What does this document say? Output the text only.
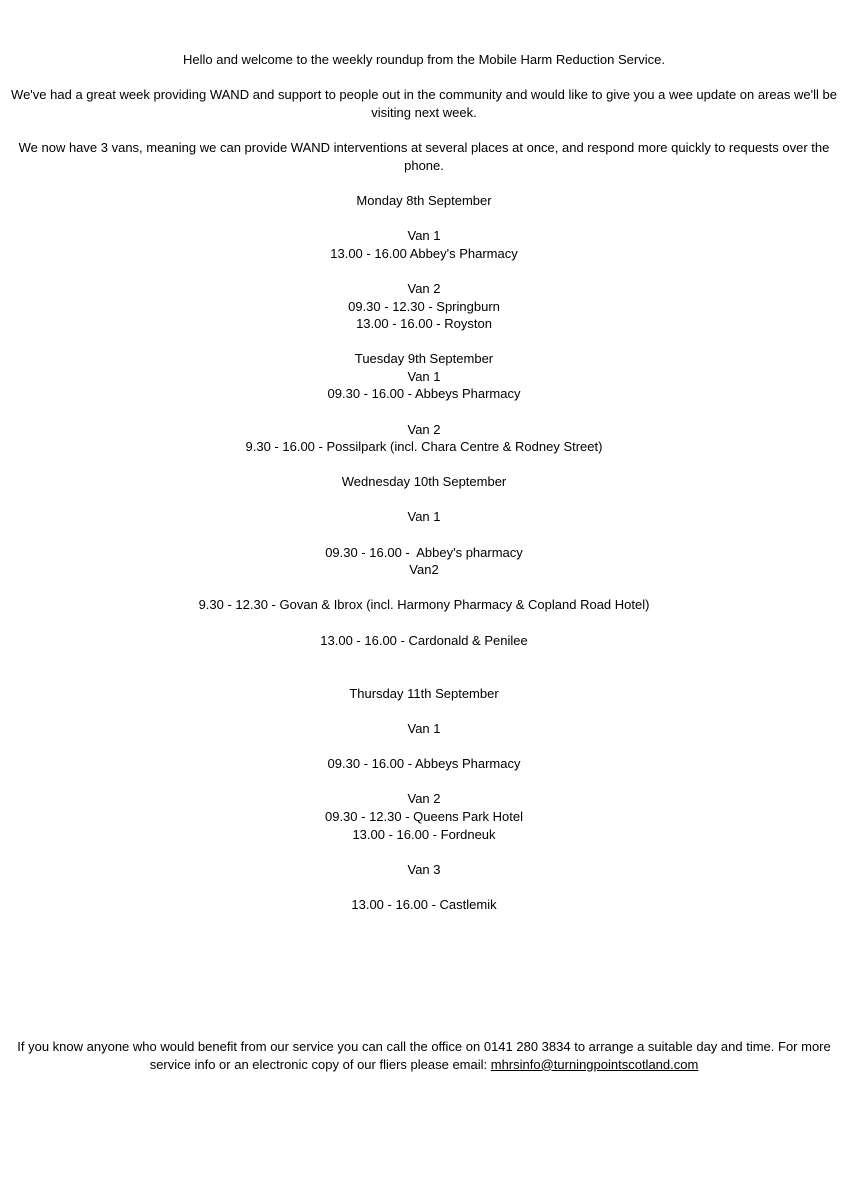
Hello and welcome to the weekly roundup from the Mobile Harm Reduction Service.
We've had a great week providing WAND and support to people out in the community and would like to give you a wee update on areas we'll be visiting next week.
We now have 3 vans, meaning we can provide WAND interventions at several places at once, and respond more quickly to requests over the phone.
Monday 8th September
Van 1
13.00 - 16.00 Abbey's Pharmacy
Van 2
09.30 - 12.30 - Springburn
13.00 - 16.00 - Royston
Tuesday 9th September
Van 1
09.30 - 16.00 - Abbeys Pharmacy
Van 2
9.30 - 16.00 - Possilpark (incl. Chara Centre & Rodney Street)
Wednesday 10th September
Van 1
09.30 - 16.00 -  Abbey's pharmacy
Van2
9.30 - 12.30 - Govan & Ibrox (incl. Harmony Pharmacy & Copland Road Hotel)
13.00 - 16.00 - Cardonald & Penilee
Thursday 11th September
Van 1
09.30 - 16.00 - Abbeys Pharmacy
Van 2
09.30 - 12.30 - Queens Park Hotel
13.00 - 16.00 - Fordneuk
Van 3
13.00 - 16.00 - Castlemik
If you know anyone who would benefit from our service you can call the office on 0141 280 3834 to arrange a suitable day and time. For more service info or an electronic copy of our fliers please email: mhrsinfo@turningpointscotland.com
